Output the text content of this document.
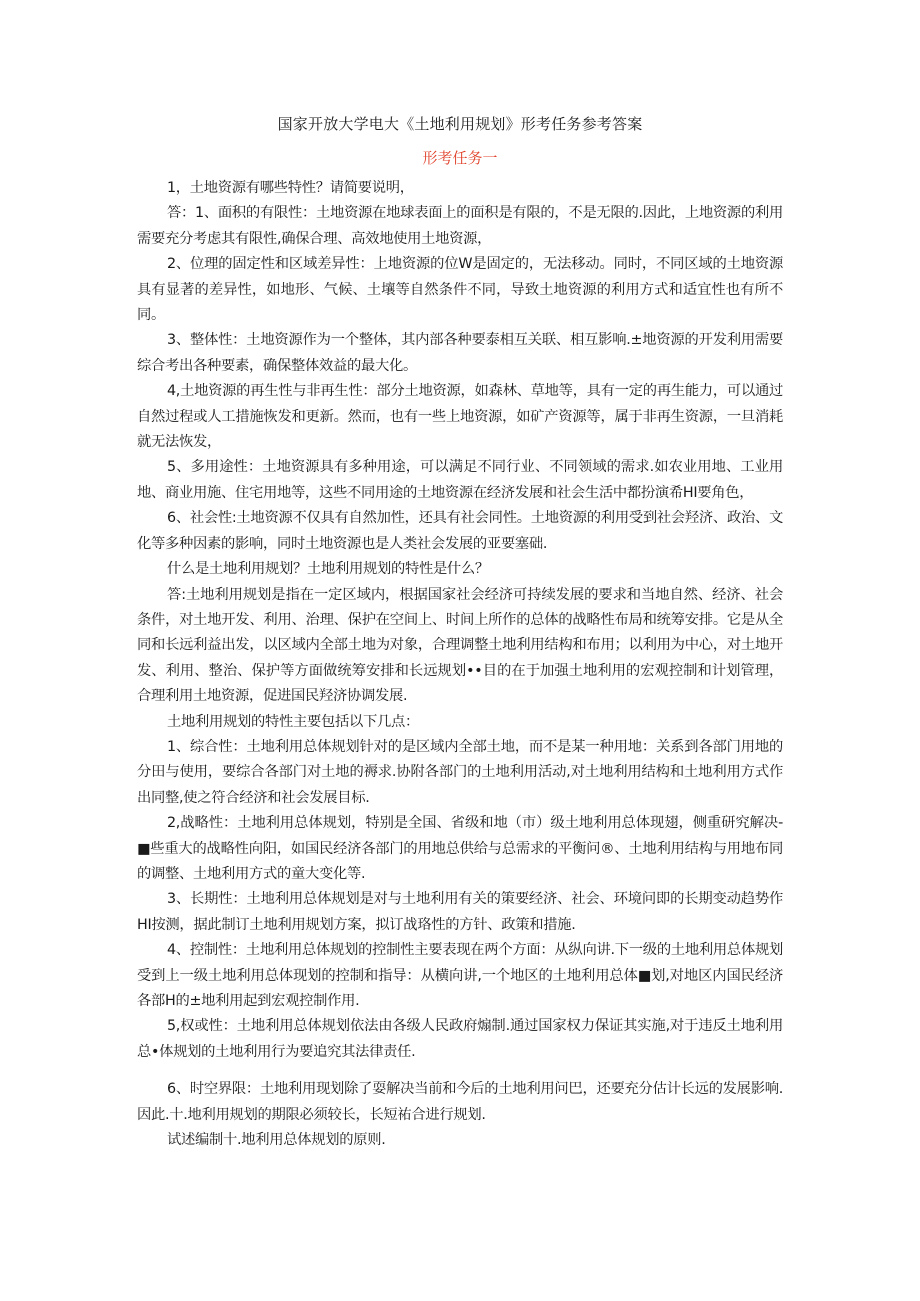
国家开放大学电大《土地利用规划》形考任务参考答案
形考任务一

1，土地资源有哪些特性？请简要说明，

答：1、面积的有限性：土地资源在地球表面上的面积是有限的，不是无限的.因此，上地资源的利用需要充分考虑其有限性,确保合理、高效地使用土地资源，

2、位理的固定性和区域差异性：上地资源的位W是固定的，无法移动。同时，不同区域的土地资源具有显著的差异性，如地形、气候、土壤等自然条件不同，导致土地资源的利用方式和适宜性也有所不同。

3、整体性：土地资源作为一个整体，其内部各种要泰相互关联、相互影响.±地资源的开发利用需要综合考出各种要素，确保整体效益的最大化。

4,土地资源的再生性与非再生性：部分土地资源，如森林、草地等，具有一定的再生能力，可以通过自然过程或人工措施恢发和更新。然而，也有一些上地资源，如矿产资源等，属于非再生资源，一旦消耗就无法恢发，

5、多用途性：土地资源具有多种用途，可以满足不同行业、不同领域的需求.如农业用地、工业用地、商业用施、住宅用地等，这些不同用途的土地资源在经济发展和社会生活中都扮演希HI要角色，

6、社会性:土地资源不仅具有自然加性，还具有社会同性。土地资源的利用受到社会羟济、政治、文化等多种因素的影响，同时土地资源也是人类社会发展的亚要塞础.

什么是土地利用规划？土地利用规划的特性是什么？

答:土地利用规划是指在一定区域内，根据国家社会经济可持续发展的要求和当地自然、经济、社会条件，对土地开发、利用、治理、保护在空间上、时间上所作的总体的战略性布局和统筹安排。它是从全同和长远利益出发，以区域内全部土地为对象，合理调整土地利用结构和布用；以利用为中心，对土地开发、利用、整治、保护等方面做统筹安排和长远规划••目的在于加强土地利用的宏观控制和计划管理，合理利用土地资源，促进国民羟济协调发展.

土地利用规划的特性主要包括以下几点：

1、综合性：土地利用总体规划针对的是区域内全部土地，而不是某一种用地：关系到各部门用地的分田与使用，要综合各部门对土地的褥求.协附各部门的土地利用活动,对土地利用结构和土地利用方式作出同整,使之符合经济和社会发展目标.

2,战略性：土地利用总体规划，特别是全国、省级和地（市）级土地利用总体现翅，侧重研究解决-■些重大的战略性向阳，如国民经济各部门的用地总供给与总需求的平衡问®、土地利用结构与用地布同的调整、土地利用方式的童大变化等.

3、长期性：土地利用总体规划是对与土地利用有关的策要经济、社会、环境问即的长期变动趋势作HI按测，据此制订土地利用规划方案，拟订战珞性的方针、政策和措施.

4、控制性：土地利用总体规划的控制性主要表现在两个方面：从纵向讲.下一级的土地利用总体规划受到上一级土地利用总体现划的控制和指导：从横向讲,一个地区的土地利用总体■划,对地区内国民经济各部H的±地利用起到宏观控制作用.

5,权或性：土地利用总体规划依法由各级人民政府煽制.通过国家权力保证其实施,对于违反土地利用总•体规划的土地利用行为要追究其法律责任.

6、时空界限：土地利用现划除了耍解决当前和今后的土地利用问巴，还要充分估计长远的发展影响.因此.十.地利用规划的期限必须较长，长短祐合进行规划.

试述编制十.地利用总体规划的原则.
